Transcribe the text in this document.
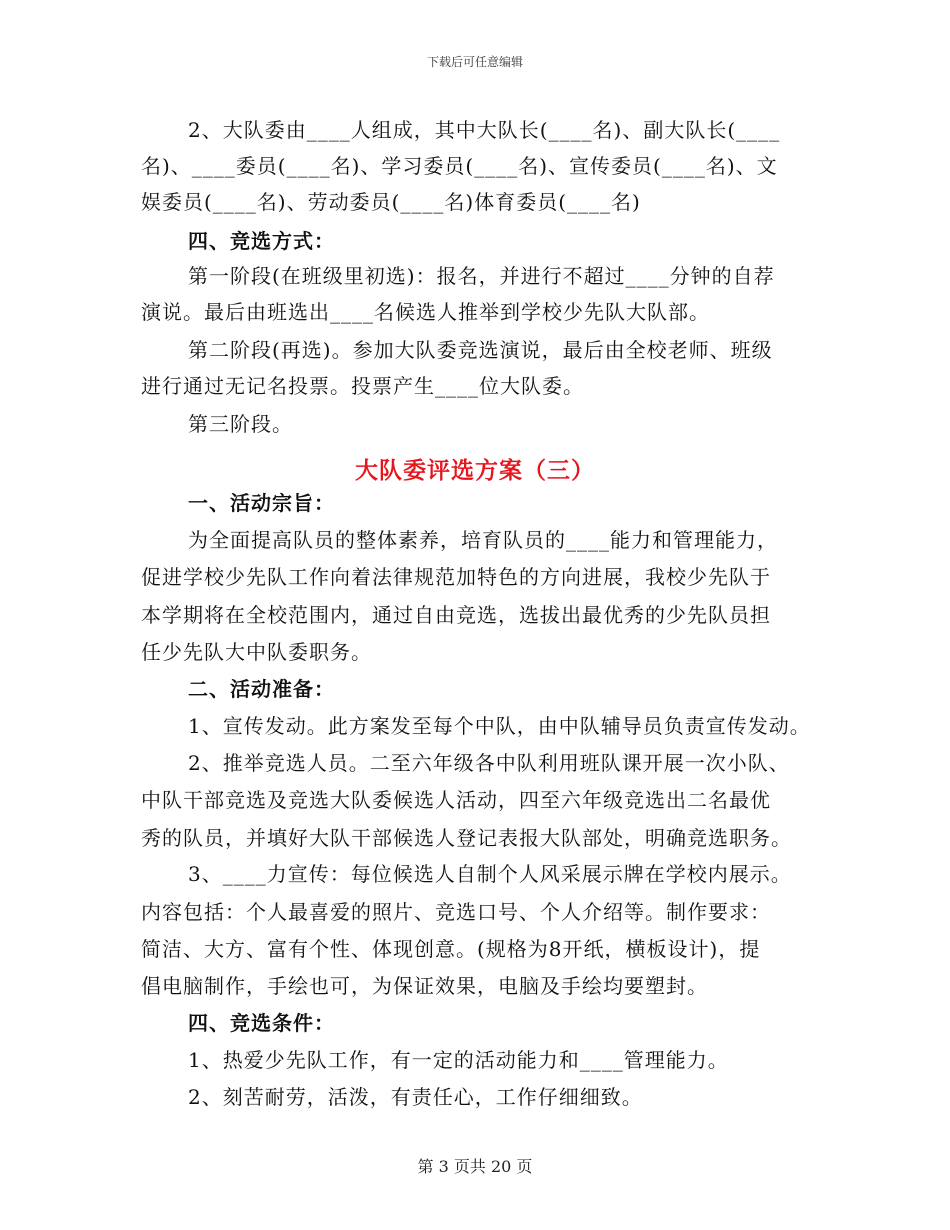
下载后可任意编辑
2、大队委由____人组成，其中大队长(____名)、副大队长(____
名)、____委员(____名)、学习委员(____名)、宣传委员(____名)、文
娱委员(____名)、劳动委员(____名)体育委员(____名)
四、竞选方式：
第一阶段(在班级里初选)：报名，并进行不超过____分钟的自荐
演说。最后由班选出____名候选人推举到学校少先队大队部。
第二阶段(再选)。参加大队委竞选演说，最后由全校老师、班级
进行通过无记名投票。投票产生____位大队委。
第三阶段。
大队委评选方案（三）
一、活动宗旨：
为全面提高队员的整体素养，培育队员的____能力和管理能力，
促进学校少先队工作向着法律规范加特色的方向进展，我校少先队于
本学期将在全校范围内，通过自由竞选，选拔出最优秀的少先队员担
任少先队大中队委职务。
二、活动准备：
1、宣传发动。此方案发至每个中队，由中队辅导员负责宣传发动。
2、推举竞选人员。二至六年级各中队利用班队课开展一次小队、
中队干部竞选及竞选大队委候选人活动，四至六年级竞选出二名最优
秀的队员，并填好大队干部候选人登记表报大队部处，明确竞选职务。
3、____力宣传：每位候选人自制个人风采展示牌在学校内展示。
内容包括：个人最喜爱的照片、竞选口号、个人介绍等。制作要求：
简洁、大方、富有个性、体现创意。(规格为8开纸，横板设计)，提
倡电脑制作，手绘也可，为保证效果，电脑及手绘均要塑封。
四、竞选条件：
1、热爱少先队工作，有一定的活动能力和____管理能力。
2、刻苦耐劳，活泼，有责任心，工作仔细细致。
第 3 页共 20 页
